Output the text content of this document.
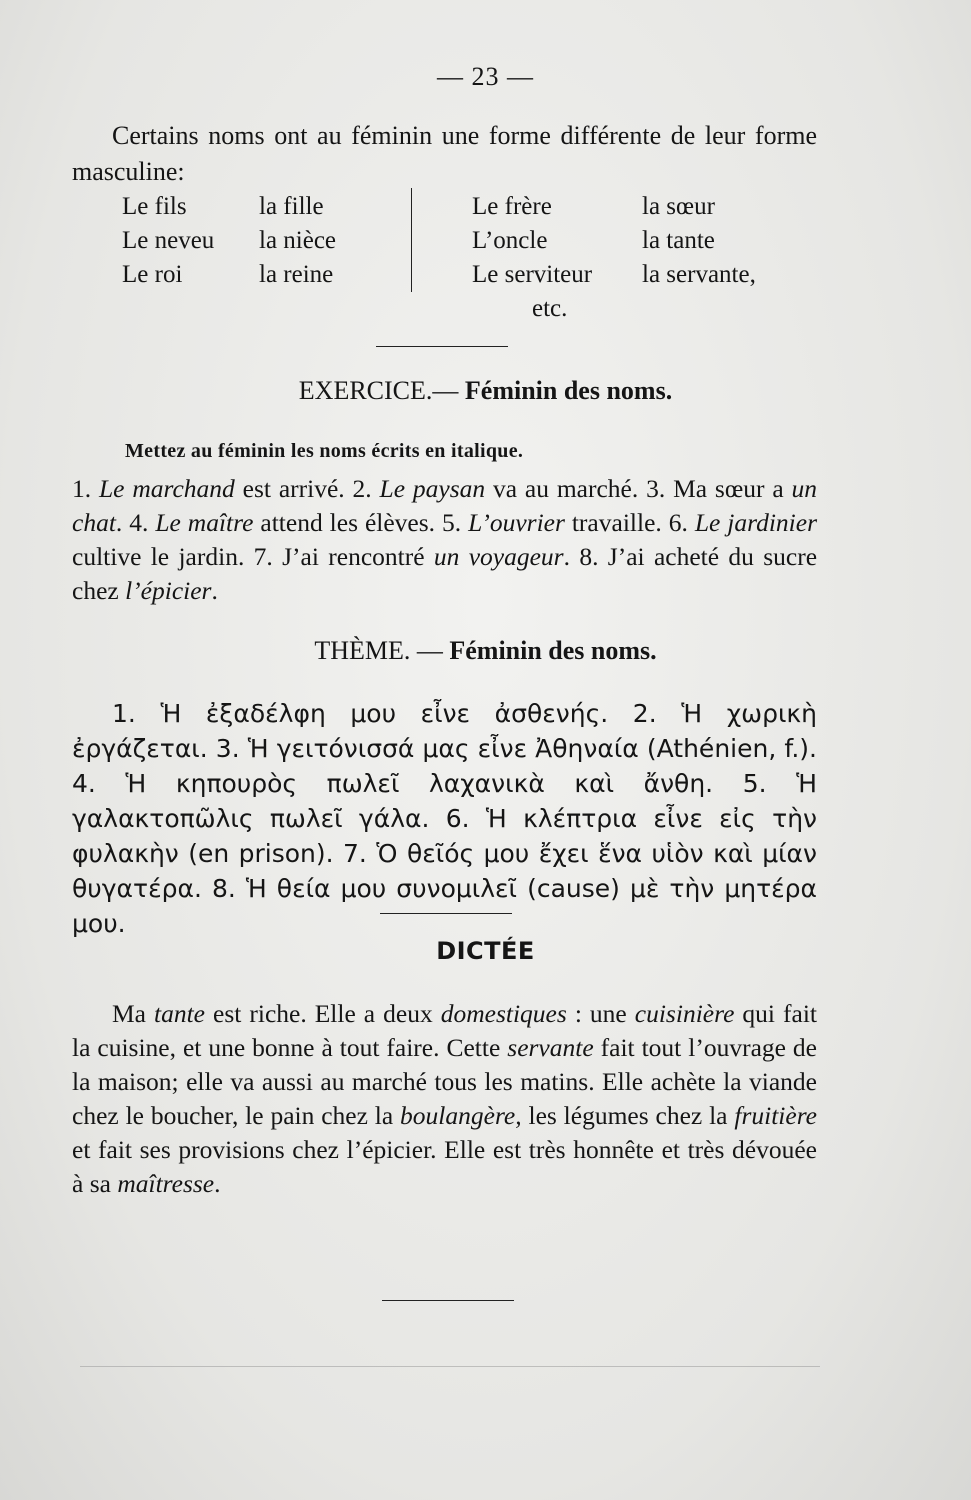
— 23 —

Certains noms ont au féminin une forme différente de leur forme masculine:

Le fils
Le neveu
Le roi
la fille
la nièce
la reine
Le frère
L’oncle
Le serviteur
etc.
la sœur
la tante
la servante,
EXERCICE.— Féminin des noms.
Mettez au féminin les noms écrits en italique.

1. Le marchand est arrivé. 2. Le paysan va au marché. 3. Ma sœur a un chat. 4. Le maître attend les élèves. 5. L’ouvrier travaille. 6. Le jardinier cultive le jardin. 7. J’ai rencontré un voyageur. 8. J’ai acheté du sucre chez l’épicier.

THÈME. — Féminin des noms.

1. Ἡ ἐξαδέλφη μου εἶνε ἀσθενής. 2. Ἡ χωρικὴ ἐργάζεται. 3. Ἡ γειτόνισσά μας εἶνε Ἀθηναία (Athénien, f.). 4. Ἡ κηπουρὸς πωλεῖ λαχανικὰ καὶ ἄνθη. 5. Ἡ γαλακτοπῶλις πωλεῖ γάλα. 6. Ἡ κλέπτρια εἶνε εἰς τὴν φυλακὴν (en prison). 7. Ὁ θεῖός μου ἔχει ἕνα υἱὸν καὶ μίαν θυγατέρα. 8. Ἡ θεία μου συνομιλεῖ (cause) μὲ τὴν μητέρα μου.

DICTÉE

Ma tante est riche. Elle a deux domestiques : une cuisinière qui fait la cuisine, et une bonne à tout faire. Cette servante fait tout l’ouvrage de la maison; elle va aussi au marché tous les matins. Elle achète la viande chez le boucher, le pain chez la boulangère, les légumes chez la fruitière et fait ses provisions chez l’épicier. Elle est très honnête et très dévouée à sa maîtresse.
